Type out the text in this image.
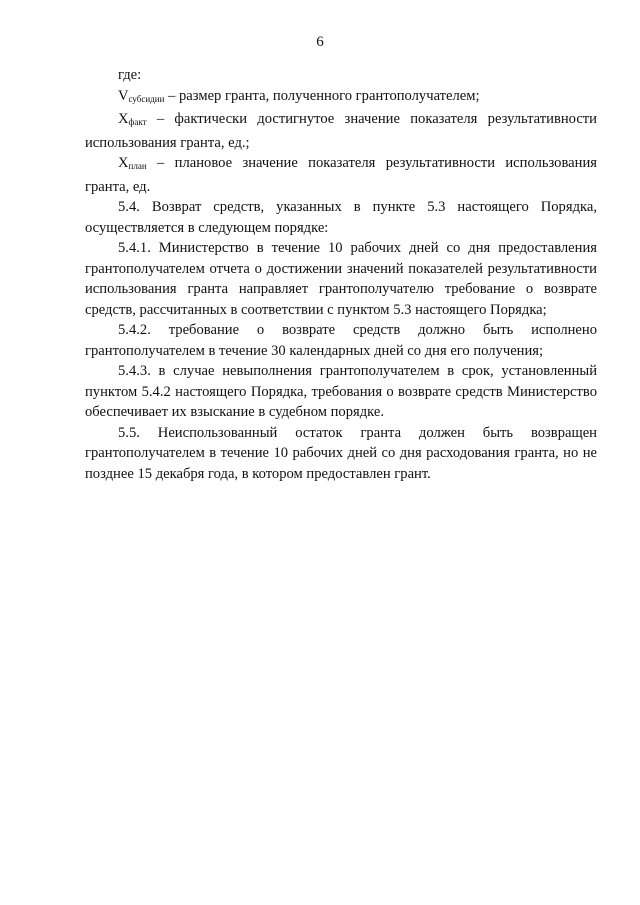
6

где:

$V_{субсидии}$ – размер гранта, полученного грантополучателем;

$X_{факт}$ – фактически достигнутое значение показателя результативности использования гранта, ед.;

$X_{план}$ – плановое значение показателя результативности использования гранта, ед.

5.4. Возврат средств, указанных в пункте 5.3 настоящего Порядка, осуществляется в следующем порядке:

5.4.1. Министерство в течение 10 рабочих дней со дня предоставления грантополучателем отчета о достижении значений показателей результативности использования гранта направляет грантополучателю требование о возврате средств, рассчитанных в соответствии с пунктом 5.3 настоящего Порядка;

5.4.2. требование о возврате средств должно быть исполнено грантополучателем в течение 30 календарных дней со дня его получения;

5.4.3. в случае невыполнения грантополучателем в срок, установленный пунктом 5.4.2 настоящего Порядка, требования о возврате средств Министерство обеспечивает их взыскание в судебном порядке.

5.5. Неиспользованный остаток гранта должен быть возвращен грантополучателем в течение 10 рабочих дней со дня расходования гранта, но не позднее 15 декабря года, в котором предоставлен грант.
